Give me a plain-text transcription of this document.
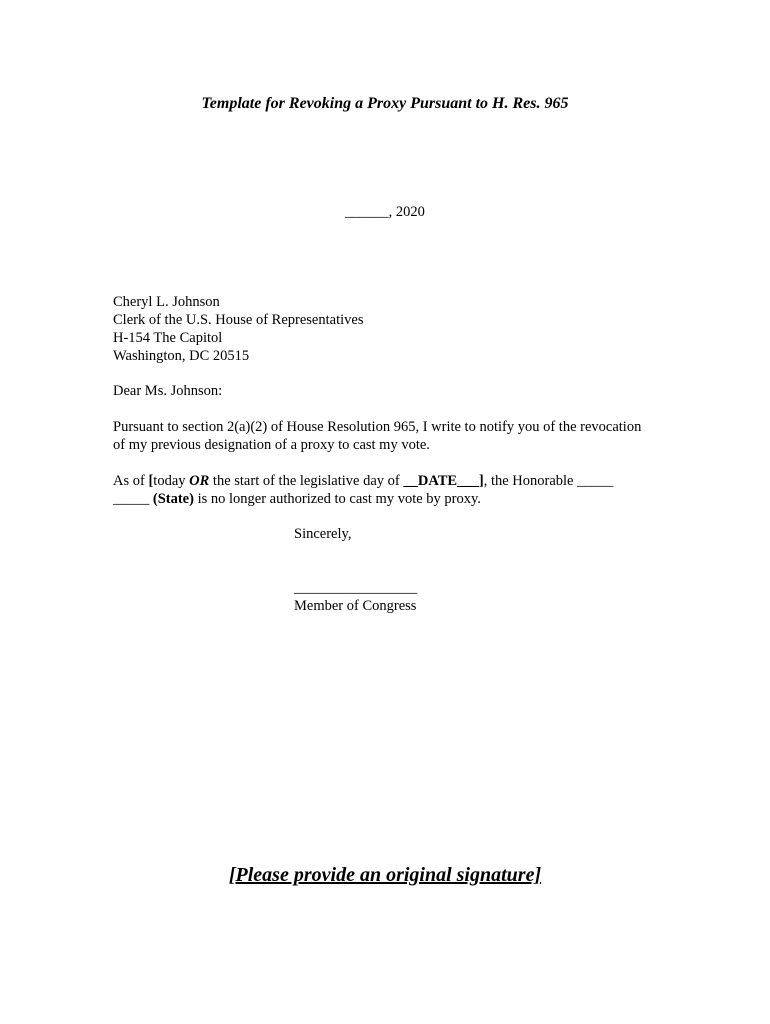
Template for Revoking a Proxy Pursuant to H. Res. 965

______, 2020

Cheryl L. Johnson
Clerk of the U.S. House of Representatives
H-154 The Capitol
Washington, DC 20515
Dear Ms. Johnson:

Pursuant to section 2(a)(2) of House Resolution 965, I write to notify you of the revocation of my previous designation of a proxy to cast my vote.

As of [today OR the start of the legislative day of __DATE___], the Honorable _____ _____ (State) is no longer authorized to cast my vote by proxy.

Sincerely,
_________________
Member of Congress

[Please provide an original signature]
